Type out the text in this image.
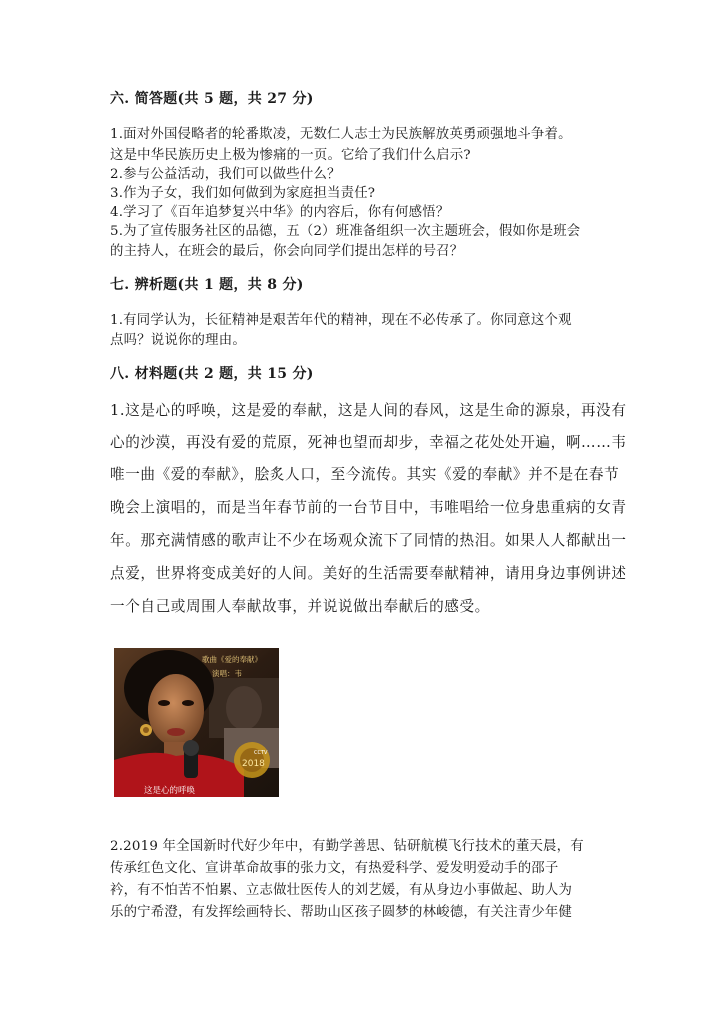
六. 简答题(共 5 题，共 27 分)
1.面对外国侵略者的轮番欺凌，无数仁人志士为民族解放英勇顽强地斗争着。
这是中华民族历史上极为惨痛的一页。它给了我们什么启示?
2.参与公益活动，我们可以做些什么？
3.作为子女，我们如何做到为家庭担当责任?
4.学习了《百年追梦复兴中华》的内容后，你有何感悟？
5.为了宣传服务社区的品德，五（2）班准备组织一次主题班会，假如你是班会
的主持人，在班会的最后，你会向同学们提出怎样的号召？
七. 辨析题(共 1 题，共 8 分)
1.有同学认为，长征精神是艰苦年代的精神，现在不必传承了。你同意这个观
点吗？说说你的理由。
八. 材料题(共 2 题，共 15 分)
1.这是心的呼唤，这是爱的奉献，这是人间的春风，这是生命的源泉，再没有
心的沙漠，再没有爱的荒原，死神也望而却步，幸福之花处处开遍，啊……韦
唯一曲《爱的奉献》，脍炙人口，至今流传。其实《爱的奉献》并不是在春节
晚会上演唱的，而是当年春节前的一台节目中，韦唯唱给一位身患重病的女青
年。那充满情感的歌声让不少在场观众流下了同情的热泪。如果人人都献出一
点爱，世界将变成美好的人间。美好的生活需要奉献精神，请用身边事例讲述
一个自己或周围人奉献故事，并说说做出奉献后的感受。
2018
CCTV
歌曲《爱的奉献》
演唱：韦
这是心的呼唤
2.2019 年全国新时代好少年中，有勤学善思、钻研航模飞行技术的董天晨，有
传承红色文化、宣讲革命故事的张力文，有热爱科学、爱发明爱动手的邵子
衿，有不怕苦不怕累、立志做壮医传人的刘艺媛，有从身边小事做起、助人为
乐的宁希澄，有发挥绘画特长、帮助山区孩子圆梦的林峻德，有关注青少年健
